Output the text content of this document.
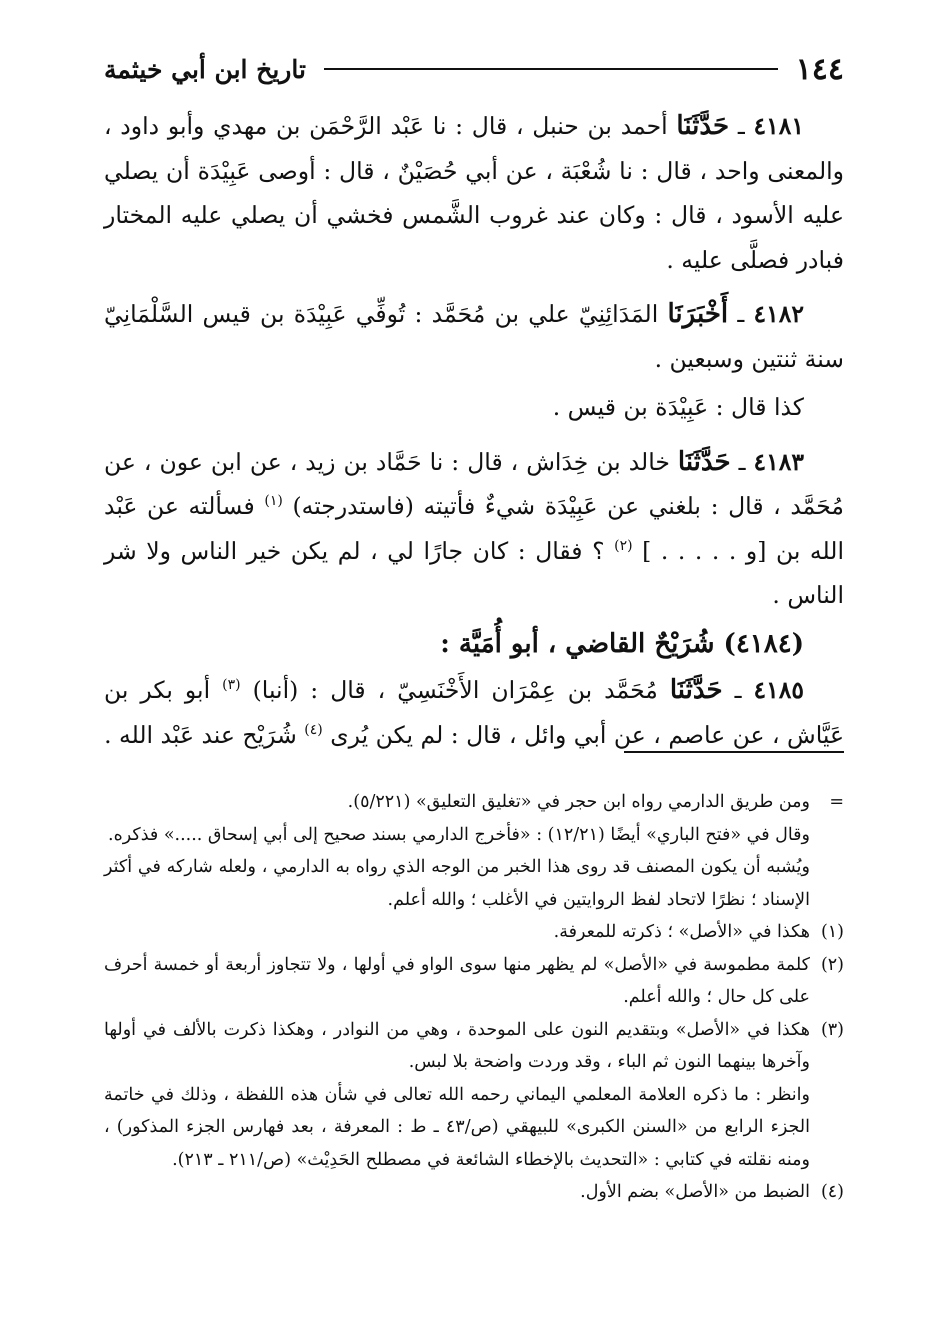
١٤٤
تاريخ ابن أبي خيثمة

٤١٨١ ـ حَدَّثَنَا أحمد بن حنبل ، قال : نا عَبْد الرَّحْمَن بن مهدي وأبو داود ، والمعنى واحد ، قال : نا شُعْبَة ، عن أبي حُصَيْنٌ ، قال : أوصى عَبِيْدَة أن يصلي عليه الأسود ، قال : وكان عند غروب الشَّمس فخشي أن يصلي عليه المختار فبادر فصلَّى عليه .

٤١٨٢ ـ أَخْبَرَنَا المَدَائِنِيّ علي بن مُحَمَّد : تُوفِّي عَبِيْدَة بن قيس السَّلْمَانِيّ سنة ثنتين وسبعين .

كذا قال : عَبِيْدَة بن قيس .

٤١٨٣ ـ حَدَّثَنَا خالد بن خِدَاش ، قال : نا حَمَّاد بن زيد ، عن ابن عون ، عن مُحَمَّد ، قال : بلغني عن عَبِيْدَة شيءٌ فأتيته (فاستدرجته) $^{(١)}$ فسألته عن عَبْد الله بن [و . . . . . ] $^{(٢)}$ ؟ فقال : كان جارًا لي ، لم يكن خير الناس ولا شر الناس .

(٤١٨٤) شُرَيْحٌ القاضي ، أبو أُمَيَّة :

٤١٨٥ ـ حَدَّثَنَا مُحَمَّد بن عِمْرَان الأَخْنَسِيّ ، قال : (أنبا) $^{(٣)}$ أبو بكر بن عَيَّاش ، عن عاصم ، عن أبي وائل ، قال : لم يكن يُرى $^{(٤)}$ شُرَيْح عند عَبْد الله .

=ومن طريق الدارمي رواه ابن حجر في «تغليق التعليق» (٥/٢٢١).

وقال في «فتح الباري» أيضًا (١٢/٢١) : «فأخرج الدارمي بسند صحيح إلى أبي إسحاق .....» فذكره.

ويُشبه أن يكون المصنف قد روى هذا الخبر من الوجه الذي رواه به الدارمي ، ولعله شاركه في أكثر الإسناد ؛ نظرًا لاتحاد لفظ الروايتين في الأغلب ؛ والله أعلم.

(١)هكذا في «الأصل» ؛ ذكرته للمعرفة.

(٢)كلمة مطموسة في «الأصل» لم يظهر منها سوى الواو في أولها ، ولا تتجاوز أربعة أو خمسة أحرف على كل حال ؛ والله أعلم.

(٣)هكذا في «الأصل» وبتقديم النون على الموحدة ، وهي من النوادر ، وهكذا ذكرت بالألف في أولها وآخرها بينهما النون ثم الباء ، وقد وردت واضحة بلا لبس.

وانظر : ما ذكره العلامة المعلمي اليماني رحمه الله تعالى في شأن هذه اللفظة ، وذلك في خاتمة الجزء الرابع من «السنن الكبرى» للبيهقي (ص/٤٣ ـ ط : المعرفة ، بعد فهارس الجزء المذكور) ، ومنه نقلته في كتابي : «التحديث بالإخطاء الشائعة في مصطلح الحَدِيْث» (ص/٢١١ ـ ٢١٣).

(٤)الضبط من «الأصل» بضم الأول.
